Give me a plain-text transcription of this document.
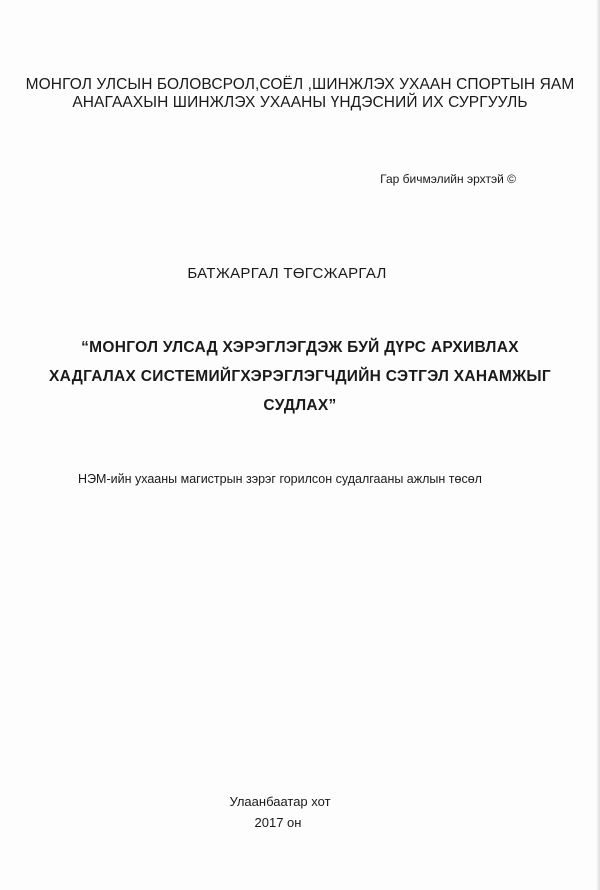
МОНГОЛ УЛСЫН БОЛОВСРОЛ,СОЁЛ ,ШИНЖЛЭХ УХААН СПОРТЫН ЯАМ
АНАГААХЫН ШИНЖЛЭХ УХААНЫ ҮНДЭСНИЙ ИХ СУРГУУЛЬ
Гар бичмэлийн эрхтэй ©
БАТЖАРГАЛ ТӨГСЖАРГАЛ
“МОНГОЛ УЛСАД ХЭРЭГЛЭГДЭЖ БУЙ ДҮРС АРХИВЛАХ
ХАДГАЛАХ СИСТЕМИЙГХЭРЭГЛЭГЧДИЙН СЭТГЭЛ ХАНАМЖЫГ
СУДЛАХ”
НЭМ-ийн ухааны магистрын зэрэг горилсон судалгааны ажлын төсөл
Улаанбаатар хот
2017 он
